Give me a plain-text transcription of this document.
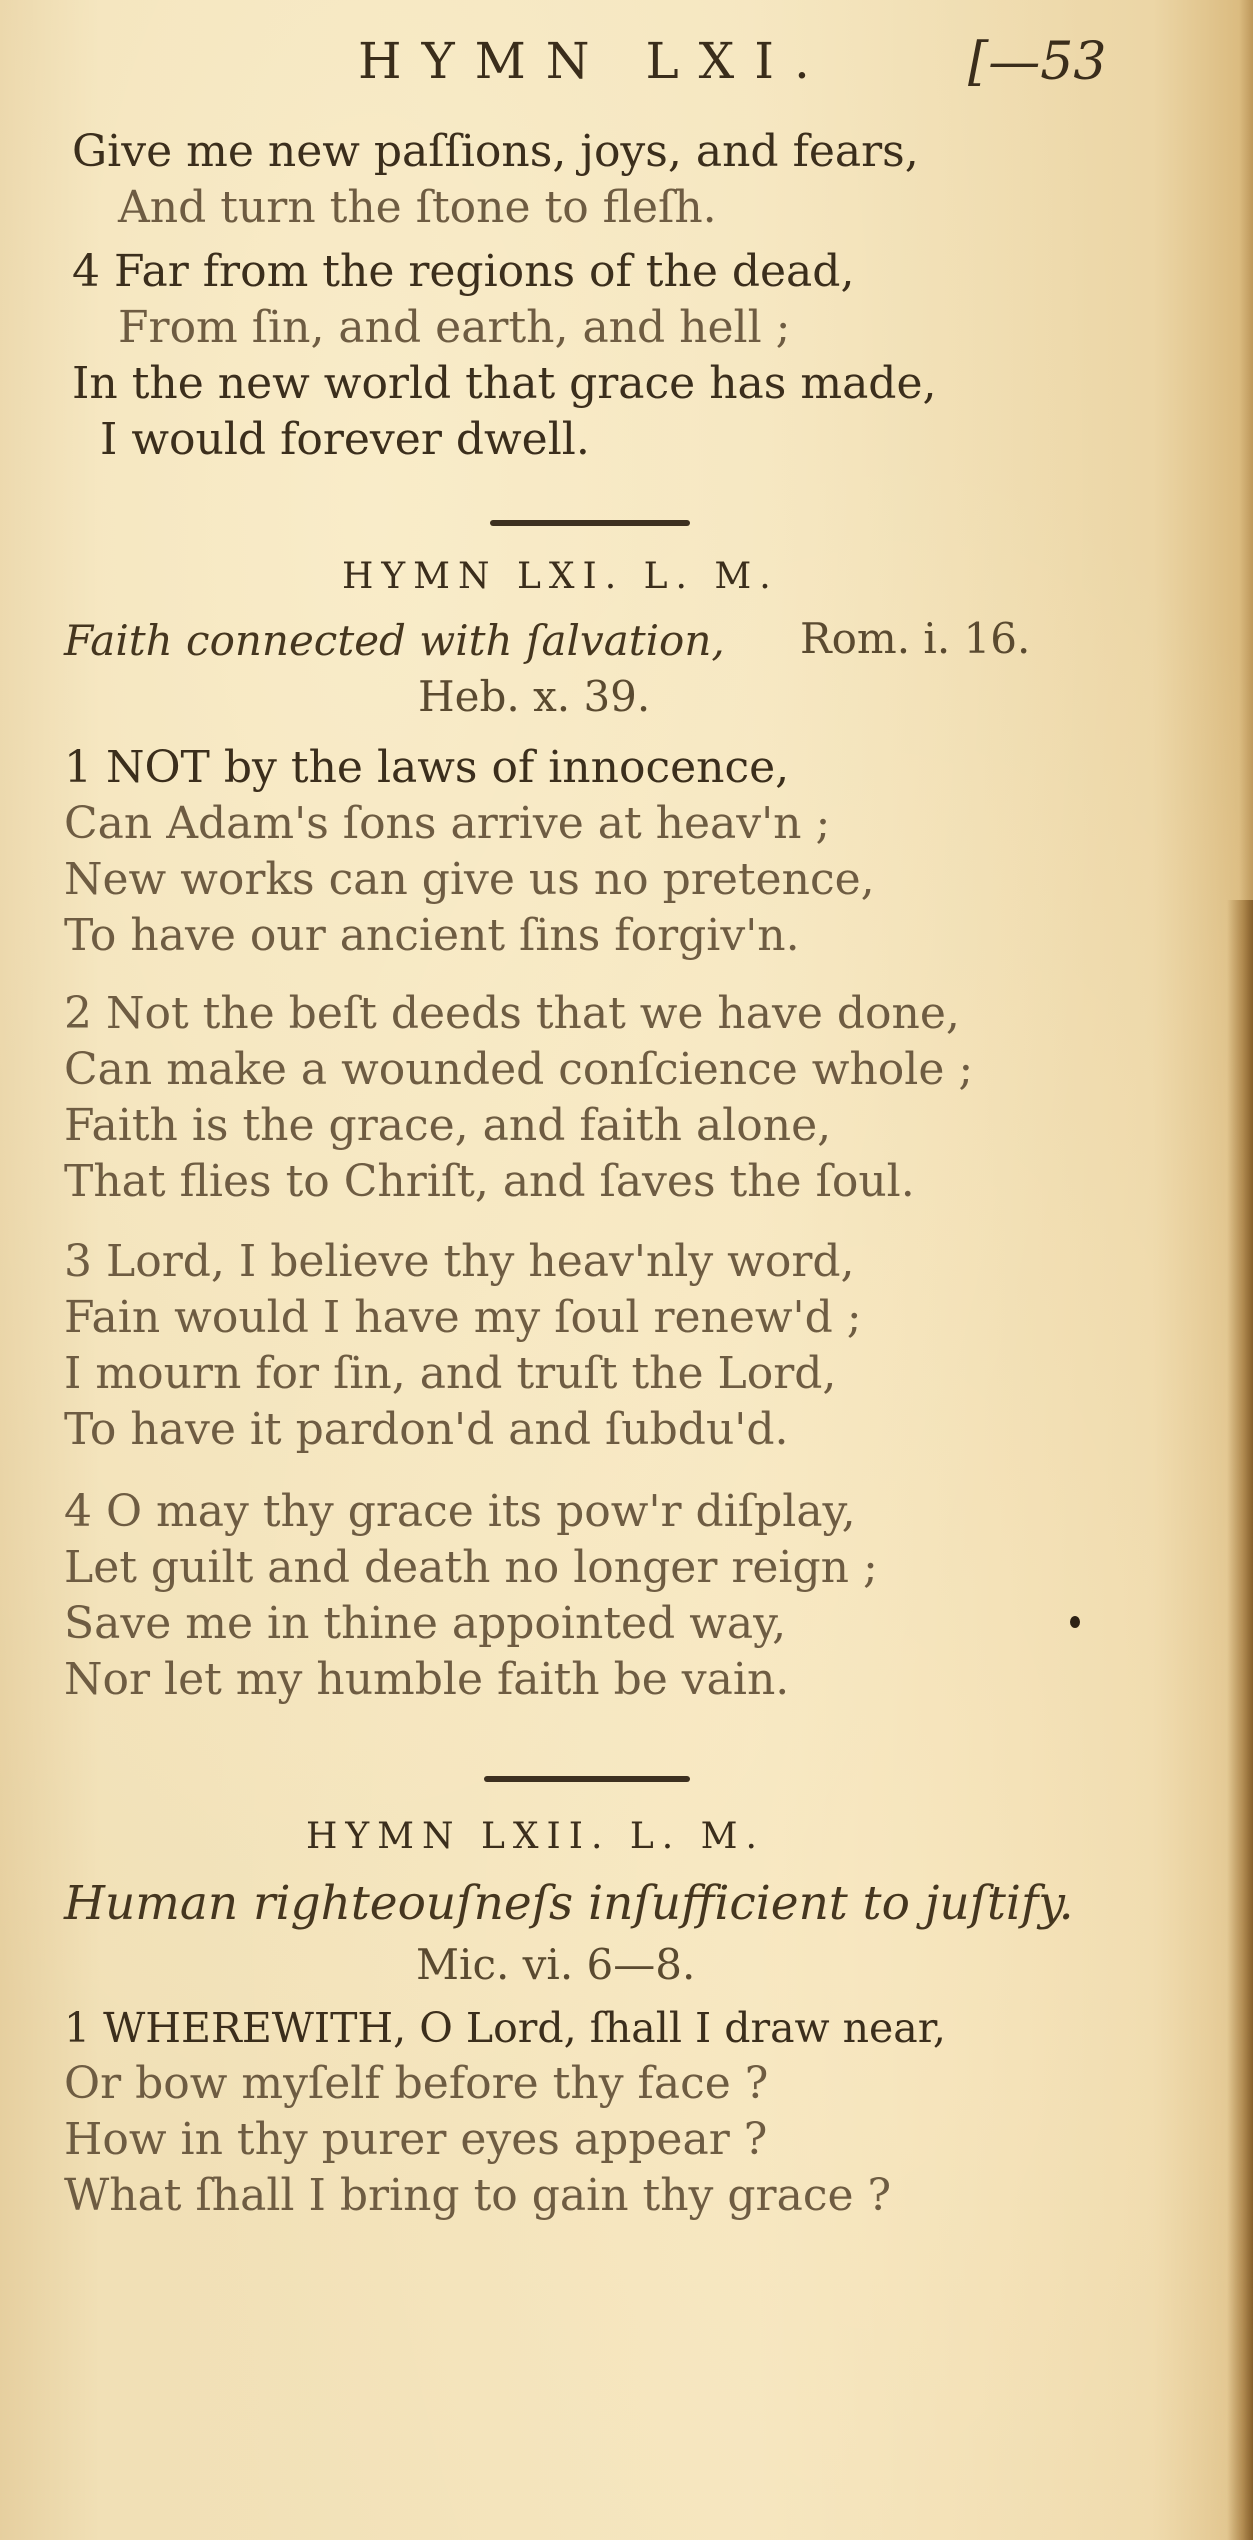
HYMN LXI.	[—53
Give me new paſſions, joys, and fears,
And turn the ſtone to fleſh.
4 Far from the regions of the dead,
From ſin, and earth, and hell ;
In the new world that grace has made,
I would forever dwell.
HYMN LXI. L. M.
Faith connected with ſalvation, Rom. i. 16.
Heb. x. 39.
1 NOT by the laws of innocence,
Can Adam's ſons arrive at heav'n ;
New works can give us no pretence,
To have our ancient ſins forgiv'n.
2 Not the beſt deeds that we have done,
Can make a wounded conſcience whole ;
Faith is the grace, and faith alone,
That flies to Chriſt, and ſaves the ſoul.
3 Lord, I believe thy heav'nly word,
Fain would I have my ſoul renew'd ;
I mourn for ſin, and truſt the Lord,
To have it pardon'd and ſubdu'd.
4 O may thy grace its pow'r diſplay,
Let guilt and death no longer reign ;
Save me in thine appointed way,
Nor let my humble faith be vain.
HYMN LXII. L. M.
Human righteouſneſs inſufficient to juſtify.
Mic. vi. 6—8.
1 WHEREWITH, O Lord, ſhall I draw near,
Or bow myſelf before thy face ?
How in thy purer eyes appear ?
What ſhall I bring to gain thy grace ?
